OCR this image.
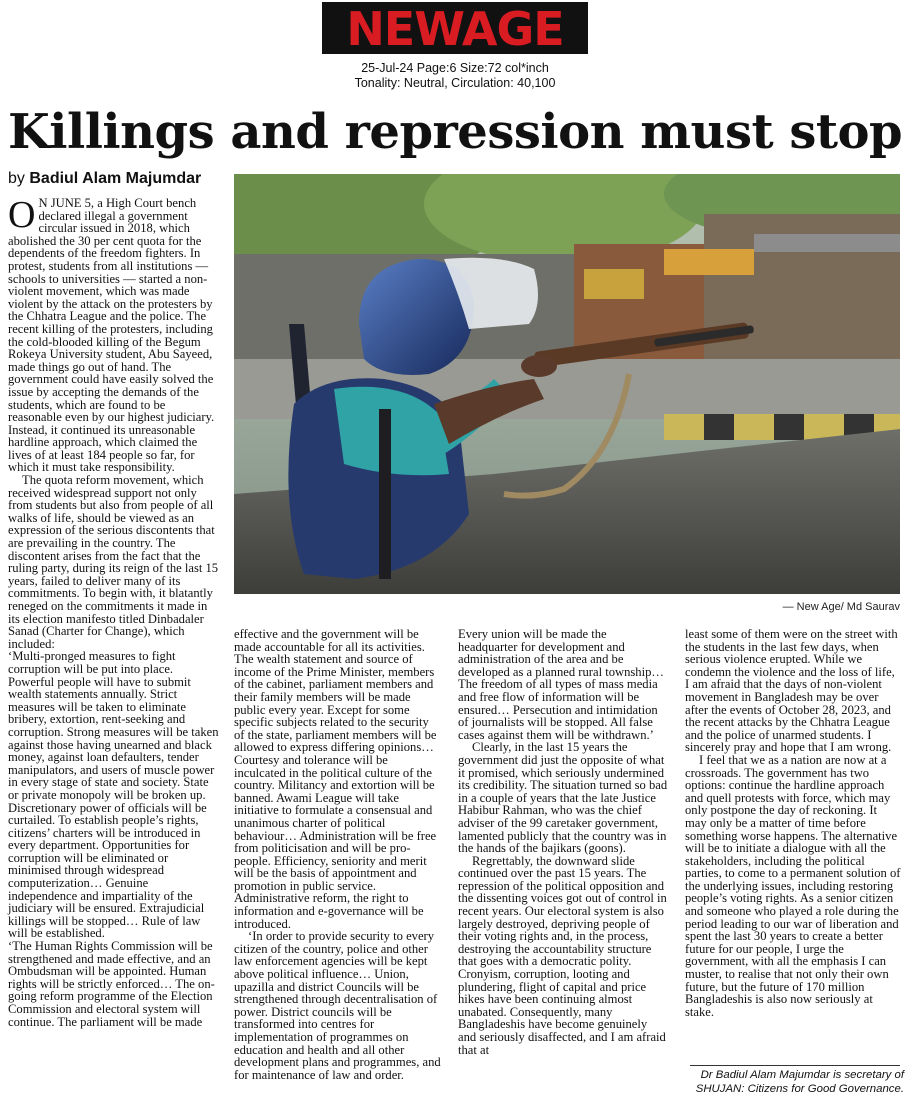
NEWAGE
25-Jul-24 Page:6 Size:72 col*inch
Tonality: Neutral, Circulation: 40,100
Killings and repression must stop
by Badiul Alam Majumdar
— New Age/ Md Saurav

O N JUNE 5, a High Court bench declared illegal a government circular issued in 2018, which abolished the 30 per cent quota for the dependents of the freedom fighters. In protest, students from all institutions — schools to universities — started a non-violent movement, which was made violent by the attack on the protesters by the Chhatra League and the police. The recent killing of the protesters, including the cold-blooded killing of the Begum Rokeya University student, Abu Sayeed, made things go out of hand. The government could have easily solved the issue by accepting the demands of the students, which are found to be reasonable even by our highest judiciary. Instead, it continued its unreasonable hardline approach, which claimed the lives of at least 184 people so far, for which it must take responsibility.

The quota reform movement, which received widespread support not only from students but also from people of all walks of life, should be viewed as an expression of the serious discontents that are prevailing in the country. The discontent arises from the fact that the ruling party, during its reign of the last 15 years, failed to deliver many of its commitments. To begin with, it blatantly reneged on the commitments it made in its election manifesto titled Dinbadaler Sanad (Charter for Change), which included:

‘Multi-pronged measures to fight corruption will be put into place. Powerful people will have to submit wealth statements annually. Strict measures will be taken to eliminate bribery, extortion, rent-seeking and corruption. Strong measures will be taken against those having unearned and black money, against loan defaulters, tender manipulators, and users of muscle power in every stage of state and society. State or private monopoly will be broken up. Discretionary power of officials will be curtailed. To establish people’s rights, citizens’ charters will be introduced in every department. Opportunities for corruption will be eliminated or minimised through widespread computerization… Genuine independence and impartiality of the judiciary will be ensured. Extrajudicial killings will be stopped… Rule of law will be established.

‘The Human Rights Commission will be strengthened and made effective, and an Ombudsman will be appointed. Human rights will be strictly enforced… The on-going reform programme of the Election Commission and electoral system will continue. The parliament will be made

effective and the government will be made accountable for all its activities. The wealth statement and source of income of the Prime Minister, members of the cabinet, parliament members and their family members will be made public every year. Except for some specific subjects related to the security of the state, parliament members will be allowed to express differing opinions… Courtesy and tolerance will be inculcated in the political culture of the country. Militancy and extortion will be banned. Awami League will take initiative to formulate a consensual and unanimous charter of political behaviour… Administration will be free from politicisation and will be pro-people. Efficiency, seniority and merit will be the basis of appointment and promotion in public service. Administrative reform, the right to information and e-governance will be introduced.

‘In order to provide security to every citizen of the country, police and other law enforcement agencies will be kept above political influence… Union, upazilla and district Councils will be strengthened through decentralisation of power. District councils will be transformed into centres for implementation of programmes on education and health and all other development plans and programmes, and for maintenance of law and order.

Every union will be made the headquarter for development and administration of the area and be developed as a planned rural township… The freedom of all types of mass media and free flow of information will be ensured… Persecution and intimidation of journalists will be stopped. All false cases against them will be withdrawn.’

Clearly, in the last 15 years the government did just the opposite of what it promised, which seriously undermined its credibility. The situation turned so bad in a couple of years that the late Justice Habibur Rahman, who was the chief adviser of the 99 caretaker government, lamented publicly that the country was in the hands of the bajikars (goons).

Regrettably, the downward slide continued over the past 15 years. The repression of the political opposition and the dissenting voices got out of control in recent years. Our electoral system is also largely destroyed, depriving people of their voting rights and, in the process, destroying the accountability structure that goes with a democratic polity. Cronyism, corruption, looting and plundering, flight of capital and price hikes have been continuing almost unabated. Consequently, many Bangladeshis have become genuinely and seriously disaffected, and I am afraid that at

least some of them were on the street with the students in the last few days, when serious violence erupted. While we condemn the violence and the loss of life, I am afraid that the days of non-violent movement in Bangladesh may be over after the events of October 28, 2023, and the recent attacks by the Chhatra League and the police of unarmed students. I sincerely pray and hope that I am wrong.

I feel that we as a nation are now at a crossroads. The government has two options: continue the hardline approach and quell protests with force, which may only postpone the day of reckoning. It may only be a matter of time before something worse happens. The alternative will be to initiate a dialogue with all the stakeholders, including the political parties, to come to a permanent solution of the underlying issues, including restoring people’s voting rights. As a senior citizen and someone who played a role during the period leading to our war of liberation and spent the last 30 years to create a better future for our people, I urge the government, with all the emphasis I can muster, to realise that not only their own future, but the future of 170 million Bangladeshis is also now seriously at stake.

Dr Badiul Alam Majumdar is secretary of SHUJAN: Citizens for Good Governance.
